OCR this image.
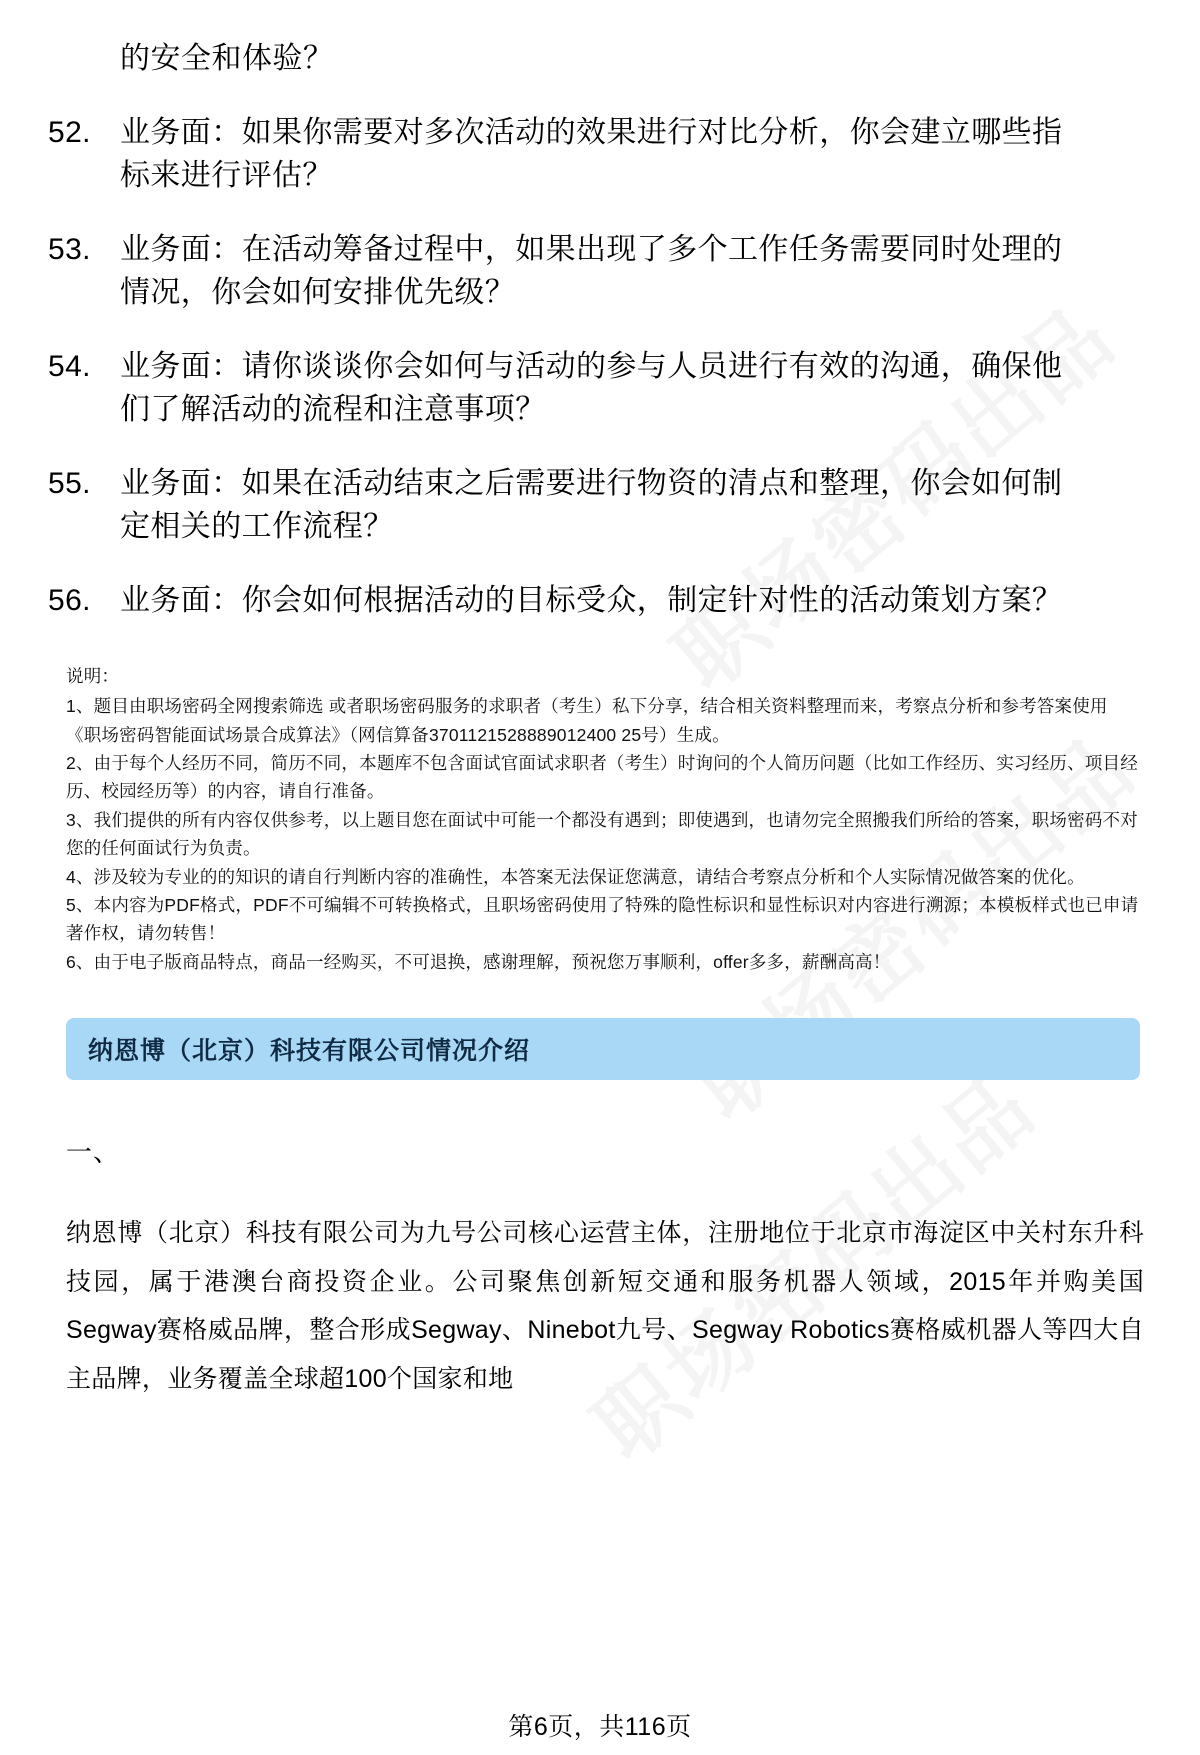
的安全和体验？
52. 业务面：如果你需要对多次活动的效果进行对比分析，你会建立哪些指标来进行评估？
53. 业务面：在活动筹备过程中，如果出现了多个工作任务需要同时处理的情况，你会如何安排优先级？
54. 业务面：请你谈谈你会如何与活动的参与人员进行有效的沟通，确保他们了解活动的流程和注意事项？
55. 业务面：如果在活动结束之后需要进行物资的清点和整理，你会如何制定相关的工作流程？
56. 业务面：你会如何根据活动的目标受众，制定针对性的活动策划方案？

说明：

1、题目由职场密码全网搜索筛选 或者职场密码服务的求职者（考生）私下分享，结合相关资料整理而来，考察点分析和参考答案使用《职场密码智能面试场景合成算法》（网信算备3701121528889012400 25号）生成。

2、由于每个人经历不同，简历不同，本题库不包含面试官面试求职者（考生）时询问的个人简历问题（比如工作经历、实习经历、项目经历、校园经历等）的内容，请自行准备。

3、我们提供的所有内容仅供参考，以上题目您在面试中可能一个都没有遇到；即使遇到，也请勿完全照搬我们所给的答案，职场密码不对您的任何面试行为负责。

4、涉及较为专业的的知识的请自行判断内容的准确性，本答案无法保证您满意，请结合考察点分析和个人实际情况做答案的优化。

5、本内容为PDF格式，PDF不可编辑不可转换格式，且职场密码使用了特殊的隐性标识和显性标识对内容进行溯源；本模板样式也已申请著作权，请勿转售！

6、由于电子版商品特点，商品一经购买，不可退换，感谢理解，预祝您万事顺利，offer多多，薪酬高高！

纳恩博（北京）科技有限公司情况介绍
一、
纳恩博（北京）科技有限公司为九号公司核心运营主体，注册地位于北京市海淀区中关村东升科技园，属于港澳台商投资企业。公司聚焦创新短交通和服务机器人领域，2015年并购美国Segway赛格威品牌，整合形成Segway、Ninebot九号、Segway Robotics赛格威机器人等四大自主品牌，业务覆盖全球超100个国家和地
第6页，共116页
